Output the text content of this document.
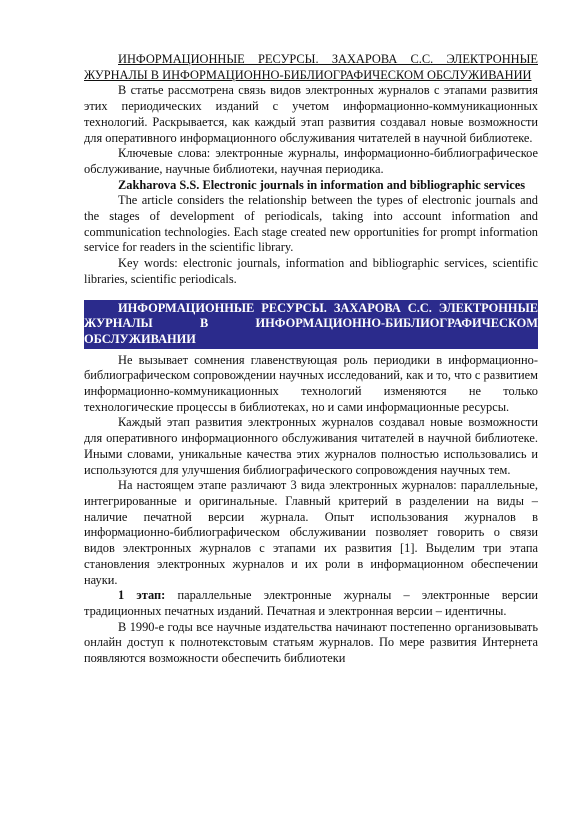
ИНФОРМАЦИОННЫЕ РЕСУРСЫ. ЗАХАРОВА С.С. ЭЛЕКТРОННЫЕ ЖУРНАЛЫ В ИНФОРМАЦИОННО-БИБЛИОГРАФИЧЕСКОМ ОБСЛУЖИВАНИИ

В статье рассмотрена связь видов электронных журналов с этапами развития этих периодических изданий с учетом информационно-коммуникационных технологий. Раскрывается, как каждый этап развития создавал новые возможности для оперативного информационного обслуживания читателей в научной библиотеке.

Ключевые слова: электронные журналы, информационно-библиографическое обслуживание, научные библиотеки, научная периодика.

Zakharova S.S. Electronic journals in information and bibliographic services

The article considers the relationship between the types of electronic journals and the stages of development of periodicals, taking into account information and communication technologies. Each stage created new opportunities for prompt information service for readers in the scientific library.

Key words: electronic journals, information and bibliographic services, scientific libraries, scientific periodicals.

ИНФОРМАЦИОННЫЕ РЕСУРСЫ. ЗАХАРОВА С.С. ЭЛЕКТРОННЫЕ ЖУРНАЛЫ В ИНФОРМАЦИОННО-БИБЛИОГРАФИЧЕСКОМ ОБСЛУЖИВАНИИ

Не вызывает сомнения главенствующая роль периодики в информационно-библиографическом сопровождении научных исследований, как и то, что с развитием информационно-коммуникационных технологий изменяются не только технологические процессы в библиотеках, но и сами информационные ресурсы.

Каждый этап развития электронных журналов создавал новые возможности для оперативного информационного обслуживания читателей в научной библиотеке. Иными словами, уникальные качества этих журналов полностью использовались и используются для улучшения библиографического сопровождения научных тем.

На настоящем этапе различают 3 вида электронных журналов: параллельные, интегрированные и оригинальные. Главный критерий в разделении на виды – наличие печатной версии журнала. Опыт использования журналов в информационно-библиографическом обслуживании позволяет говорить о связи видов электронных журналов с этапами их развития [1]. Выделим три этапа становления электронных журналов и их роли в информационном обеспечении науки.

1 этап: параллельные электронные журналы – электронные версии традиционных печатных изданий. Печатная и электронная версии – идентичны.

В 1990-е годы все научные издательства начинают постепенно организовывать онлайн доступ к полнотекстовым статьям журналов. По мере развития Интернета появляются возможности обеспечить библиотеки
